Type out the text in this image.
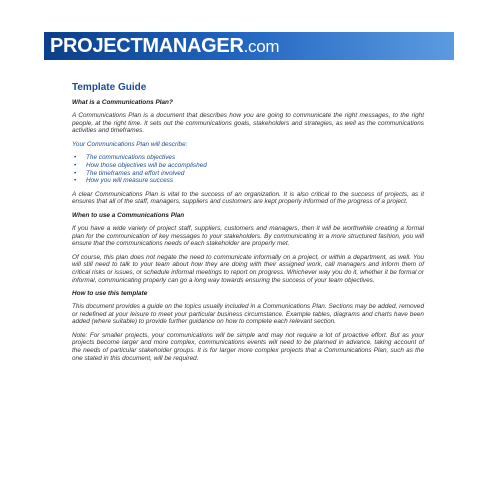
PROJECTMANAGER.com
Template Guide
What is a Communications Plan?

A Communications Plan is a document that describes how you are going to communicate the right messages, to the right people, at the right time. It sets out the communications goals, stakeholders and strategies, as well as the communications activities and timeframes.

Your Communications Plan will describe:

• The communications objectives
• How those objectives will be accomplished
• The timeframes and effort involved
• How you will measure success

A clear Communications Plan is vital to the success of an organization. It is also critical to the success of projects, as it ensures that all of the staff, managers, suppliers and customers are kept properly informed of the progress of a project.

When to use a Communications Plan

If you have a wide variety of project staff, suppliers, customers and managers, then it will be worthwhile creating a formal plan for the communication of key messages to your stakeholders. By communicating in a more structured fashion, you will ensure that the communications needs of each stakeholder are properly met.

Of course, this plan does not negate the need to communicate informally on a project, or within a department, as well. You will still need to talk to your team about how they are doing with their assigned work, call managers and inform them of critical risks or issues, or schedule informal meetings to report on progress. Whichever way you do it, whether it be formal or informal, communicating properly can go a long way towards ensuring the success of your team objectives.

How to use this template

This document provides a guide on the topics usually included in a Communications Plan. Sections may be added, removed or redefined at your leisure to meet your particular business circumstance. Example tables, diagrams and charts have been added (where suitable) to provide further guidance on how to complete each relevant section.

Note: For smaller projects, your communications will be simple and may not require a lot of proactive effort. But as your projects become larger and more complex, communications events will need to be planned in advance, taking account of the needs of particular stakeholder groups. It is for larger more complex projects that a Communications Plan, such as the one stated in this document, will be required.
